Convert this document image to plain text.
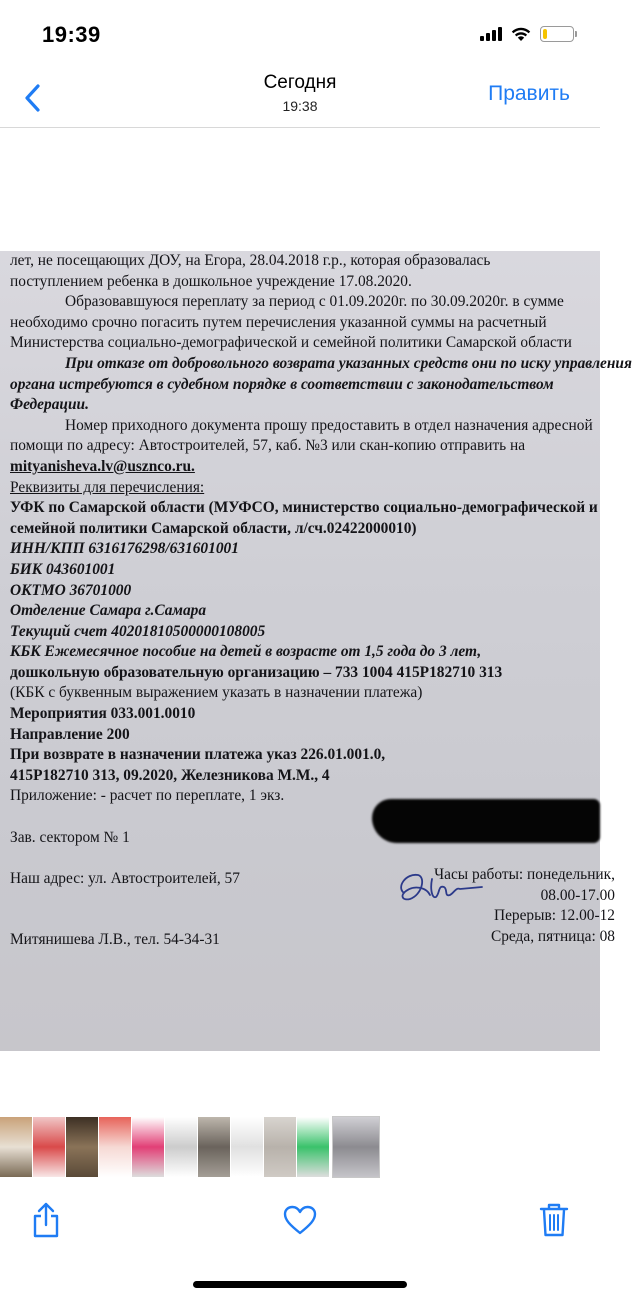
19:39
Сегодня
19:38
Править
лет, не посещающих ДОУ, на Егора, 28.04.2018 г.р., которая образовалась
поступлением ребенка в дошкольное учреждение 17.08.2020.
Образовавшуюся переплату за период с 01.09.2020г. по 30.09.2020г. в сумме
необходимо срочно погасить путем перечисления указанной суммы на расчетный
Министерства социально-демографической и семейной политики Самарской области
При отказе от добровольного возврата указанных средств они по иску управления
органа истребуются в судебном порядке в соответствии с законодательством
Федерации.
Номер приходного документа прошу предоставить в отдел назначения адресной
помощи по адресу: Автостроителей, 57, каб. №3 или скан-копию отправить на
mityanisheva.lv@usznco.ru.
Реквизиты для перечисления:
УФК по Самарской области (МУФСО, министерство социально-демографической и
семейной политики Самарской области, л/сч.02422000010)
ИНН/КПП 6316176298/631601001
БИК 043601001
ОКТМО 36701000
Отделение Самара г.Самара
Текущий счет 40201810500000108005
КБК Ежемесячное пособие на детей в возрасте от 1,5 года до 3 лет,
дошкольную образовательную организацию – 733 1004 415Р182710 313
(КБК с буквенным выражением указать в назначении платежа)
Мероприятия 033.001.0010
Направление 200
При возврате в назначении платежа указ 226.01.001.0,
415Р182710 313, 09.2020, Железникова М.М., 4
Приложение: - расчет по переплате, 1 экз.
Зав. сектором № 1
Наш адрес: ул. Автостроителей, 57	Часы работы: понедельник,
08.00-17.00
Перерыв: 12.00-12
Среда, пятница: 08
Митянишева Л.В., тел. 54-34-31
